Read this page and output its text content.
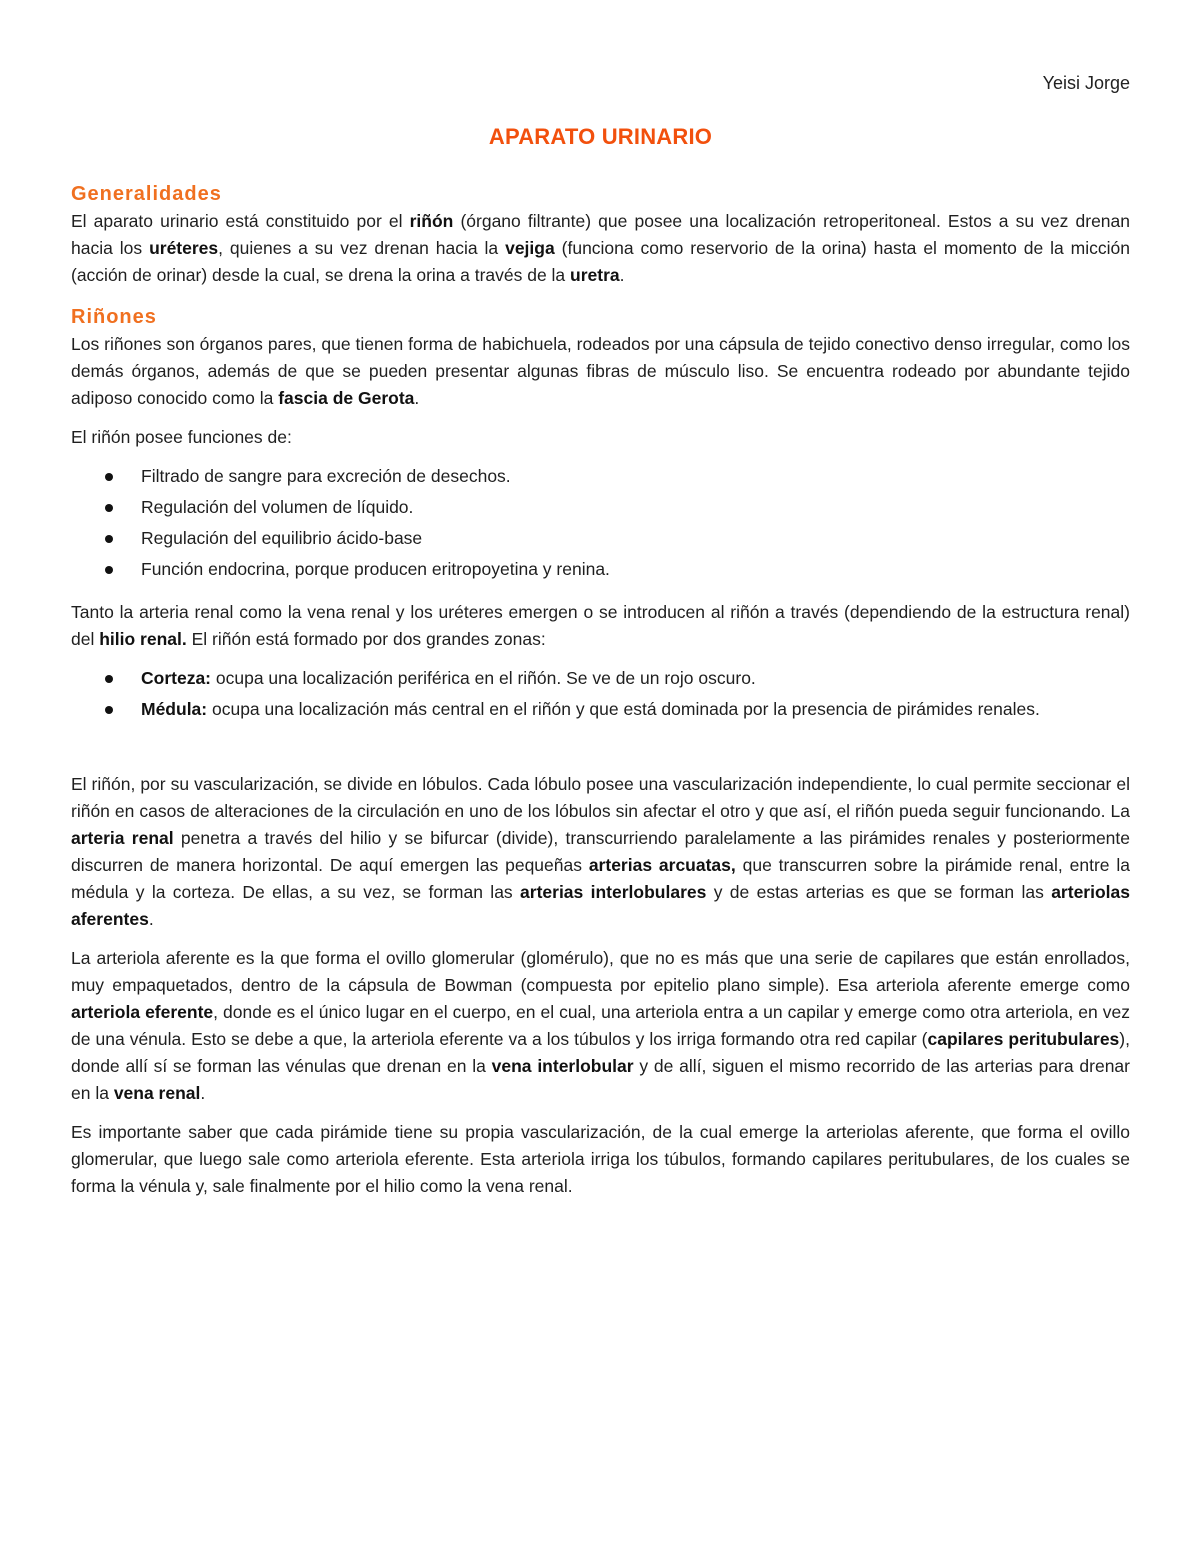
Yeisi Jorge
APARATO URINARIO
Generalidades

El aparato urinario está constituido por el riñón (órgano filtrante) que posee una localización retroperitoneal. Estos a su vez drenan hacia los uréteres, quienes a su vez drenan hacia la vejiga (funciona como reservorio de la orina) hasta el momento de la micción (acción de orinar) desde la cual, se drena la orina a través de la uretra.

Riñones

Los riñones son órganos pares, que tienen forma de habichuela, rodeados por una cápsula de tejido conectivo denso irregular, como los demás órganos, además de que se pueden presentar algunas fibras de músculo liso. Se encuentra rodeado por abundante tejido adiposo conocido como la fascia de Gerota.

El riñón posee funciones de:

Filtrado de sangre para excreción de desechos.
Regulación del volumen de líquido.
Regulación del equilibrio ácido-base
Función endocrina, porque producen eritropoyetina y renina.

Tanto la arteria renal como la vena renal y los uréteres emergen o se introducen al riñón a través (dependiendo de la estructura renal) del hilio renal. El riñón está formado por dos grandes zonas:

Corteza: ocupa una localización periférica en el riñón. Se ve de un rojo oscuro.
Médula: ocupa una localización más central en el riñón y que está dominada por la presencia de pirámides renales.

El riñón, por su vascularización, se divide en lóbulos. Cada lóbulo posee una vascularización independiente, lo cual permite seccionar el riñón en casos de alteraciones de la circulación en uno de los lóbulos sin afectar el otro y que así, el riñón pueda seguir funcionando. La arteria renal penetra a través del hilio y se bifurcar (divide), transcurriendo paralelamente a las pirámides renales y posteriormente discurren de manera horizontal. De aquí emergen las pequeñas arterias arcuatas, que transcurren sobre la pirámide renal, entre la médula y la corteza. De ellas, a su vez, se forman las arterias interlobulares y de estas arterias es que se forman las arteriolas aferentes.

La arteriola aferente es la que forma el ovillo glomerular (glomérulo), que no es más que una serie de capilares que están enrollados, muy empaquetados, dentro de la cápsula de Bowman (compuesta por epitelio plano simple). Esa arteriola aferente emerge como arteriola eferente, donde es el único lugar en el cuerpo, en el cual, una arteriola entra a un capilar y emerge como otra arteriola, en vez de una vénula. Esto se debe a que, la arteriola eferente va a los túbulos y los irriga formando otra red capilar (capilares peritubulares), donde allí sí se forman las vénulas que drenan en la vena interlobular y de allí, siguen el mismo recorrido de las arterias para drenar en la vena renal.

Es importante saber que cada pirámide tiene su propia vascularización, de la cual emerge la arteriolas aferente, que forma el ovillo glomerular, que luego sale como arteriola eferente. Esta arteriola irriga los túbulos, formando capilares peritubulares, de los cuales se forma la vénula y, sale finalmente por el hilio como la vena renal.
